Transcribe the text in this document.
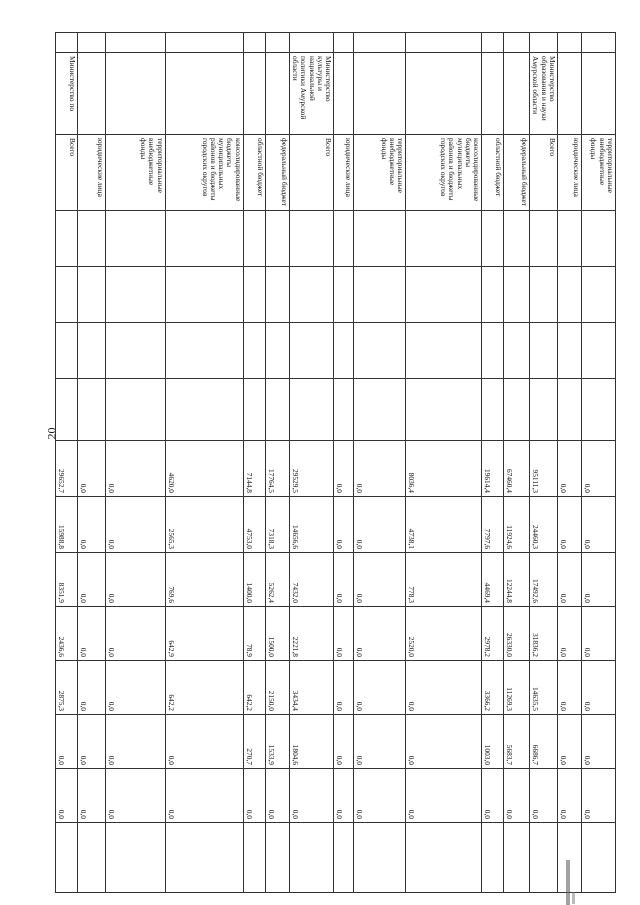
20
		территориальные внебюджетные фонды					0,0	0,0	0,0	0,0	0,0	0,0	0,0	
		юридические лица					0,0	0,0	0,0	0,0	0,0	0,0	0,0	
	Министерство образования и науки Амурской области	Всего					95111,3	24460,3	17492,6	31836,2	14635,5	6686,7	0,0	
		федеральный бюджет					67460,4	11924,6	12244,8	26330,0	11269,3	5683,7	0,0	
		областной бюджет					19614,4	7797,6	4469,4	2978,2	3366,2	1003,0	0,0	
		консолидированные бюджеты муниципальных районов и бюджеты городских округов					8036,4	4738,1	778,3	2520,0	0,0	0,0	0,0	
		территориальные внебюджетные фонды					0,0	0,0	0,0	0,0	0,0	0,0	0,0	
		юридические лица					0,0	0,0	0,0	0,0	0,0	0,0	0,0	
	Министерство культуры и национальной политики Амурской области	Всего					29529,5	14656,6	7432,0	2221,8	3434,4	1804,6	0,0	
		федеральный бюджет					17764,5	7318,3	5262,4	1500,0	2150,0	1533,9	0,0	
		областной бюджет					7144,8	4753,0	1400,0	78,9	642,2	270,7	0,0	
		консолидированные бюджеты муниципальных районов и бюджеты городских округов					4620,0	2565,3	769,6	642,9	642,2	0,0	0,0	
		территориальные внебюджетные фонды					0,0	0,0	0,0	0,0	0,0	0,0	0,0	
		юридические лица					0,0	0,0	0,0	0,0	0,0	0,0	0,0	
	Министерство по	Всего					29652,7	15988,8	8351,9	2436,6	2875,3	0,0	0,0	
